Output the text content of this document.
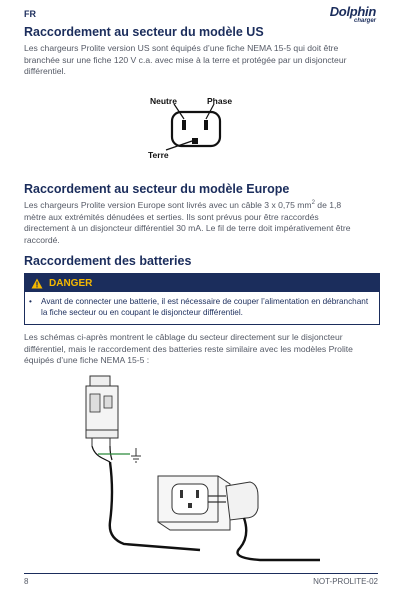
FR	Dolphin
charger
Raccordement au secteur du modèle US

Les chargeurs Prolite version US sont équipés d’une fiche NEMA 15-5 qui doit être branchée sur une fiche 120 V c.a. avec mise à la terre et protégée par un disjoncteur différentiel.

Neutre	Phase
Terre
Raccordement au secteur du modèle Europe

Les chargeurs Prolite version Europe sont livrés avec un câble 3 x 0,75 $mm^2$ de 1,8 mètre aux extrémités dénudées et serties. Ils sont prévus pour être raccordés directement à un disjoncteur différentiel 30 mA. Le fil de terre doit impérativement être raccordé.

Raccordement des batteries
DANGER
•	Avant de connecter une batterie, il est nécessaire de couper l’alimentation en débranchant la fiche secteur ou en coupant le disjoncteur différentiel.

Les schémas ci-après montrent le câblage du secteur directement sur le disjoncteur différentiel, mais le raccordement des batteries reste similaire avec les modèles Prolite équipés d’une fiche NEMA 15-5 :

8	NOT-PROLITE-02
